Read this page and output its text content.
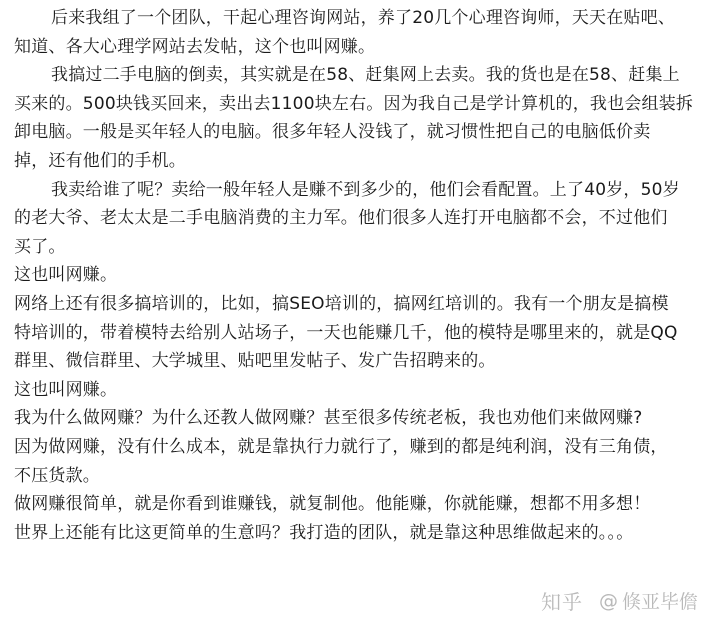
后来我组了一个团队，干起心理咨询网站，养了20几个心理咨询师，天天在贴吧、
知道、各大心理学网站去发帖，这个也叫网赚。
我搞过二手电脑的倒卖，其实就是在58、赶集网上去卖。我的货也是在58、赶集上
买来的。500块钱买回来，卖出去1100块左右。因为我自己是学计算机的，我也会组装拆
卸电脑。一般是买年轻人的电脑。很多年轻人没钱了，就习惯性把自己的电脑低价卖
掉，还有他们的手机。
我卖给谁了呢？卖给一般年轻人是赚不到多少的，他们会看配置。上了40岁，50岁
的老大爷、老太太是二手电脑消费的主力军。他们很多人连打开电脑都不会，不过他们
买了。
这也叫网赚。
网络上还有很多搞培训的，比如，搞SEO培训的，搞网红培训的。我有一个朋友是搞模
特培训的，带着模特去给别人站场子，一天也能赚几千，他的模特是哪里来的，就是QQ
群里、微信群里、大学城里、贴吧里发帖子、发广告招聘来的。
这也叫网赚。
我为什么做网赚？为什么还教人做网赚？甚至很多传统老板，我也劝他们来做网赚?
因为做网赚，没有什么成本，就是靠执行力就行了，赚到的都是纯利润，没有三角债，
不压货款。
做网赚很简单，就是你看到谁赚钱，就复制他。他能赚，你就能赚，想都不用多想！
世界上还能有比这更简单的生意吗？我打造的团队，就是靠这种思维做起来的。。。
知乎 @ 倏亚毕儋
